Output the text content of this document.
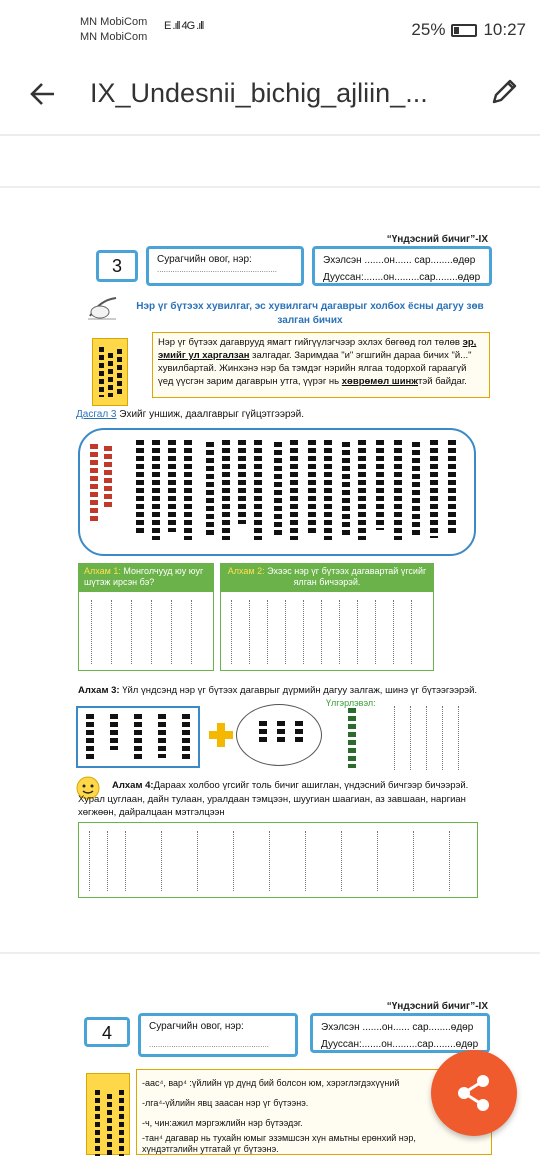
MN MobiCom
MN MobiCom
E .ıll 4G .ıll	25% 10:27
IX_Undesnii_bichig_ajliin_...
“Үндэсний бичиг”-IX
3	Сурагчийн овог, нэр:
......................................................
Эхэлсэн .......он...... сар........өдөр
Дууссан:.......он.........сар........өдөр
Нэр үг бүтээх хувилгаг, эс хувилгагч дагаврыг холбох ёсны дагуу зөв залган бичих
Нэр үг бүтээх дагаврууд ямагт гийгүүлэгчээр эхлэх бөгөөд гол төлөв эр, эмийг ул харгалзан залгадаг. Заримдаа "и" эгшгийн дараа бичих "й..." хувилбартай. Жинхэнэ нэр ба тэмдэг нэрийн ялгаа тодорхой гараагүй үед үүсгэн зарим дагаврын утга, үүрэг нь хөврөмөл шинжтэй байдаг.
Дасгал 3 Эхийг уншиж, даалгаврыг гүйцэтгээрэй.
Алхам 1: Монголчууд юу юуг шүтэж ирсэн бэ?
Алхам 2: Эхээс нэр үг бүтээх дагавартай үгсийг ялган бичээрэй.
Алхам 3: Үйл үндсэнд нэр үг бүтээх дагаврыг дүрмийн дагуу залгаж, шинэ үг бүтээгээрэй.
Үлгэрлэвэл:
Алхам 4:Дараах холбоо үгсийг толь бичиг ашиглан, үндэсний бичгээр бичээрэй.
Хурал цуглаан, дайн тулаан, уралдаан тэмцээн, шуугиан шаагиан, аз завшаан, наргиан хөгжөөн, дайралцаан мэтгэлцээн
“Үндэсний бичиг”-IX
4	Сурагчийн овог, нэр:
......................................................
Эхэлсэн .......он...... сар........өдөр
Дууссан:.......он.........сар........өдөр
-аас⁴, вар⁴ :үйлийн үр дүнд бий болсон юм, хэрэглэгдэхүүний
-лга⁴-үйлийн явц заасан нэр үг бүтээнэ.
-ч, чин:ажил мэргэжлийн нэр бүтээдэг.
-тан⁴ дагавар нь тухайн юмыг эзэмшсэн хүн амьтны ерөнхий нэр,
хүндэтгэлийн утгатай үг бүтээнэ.
